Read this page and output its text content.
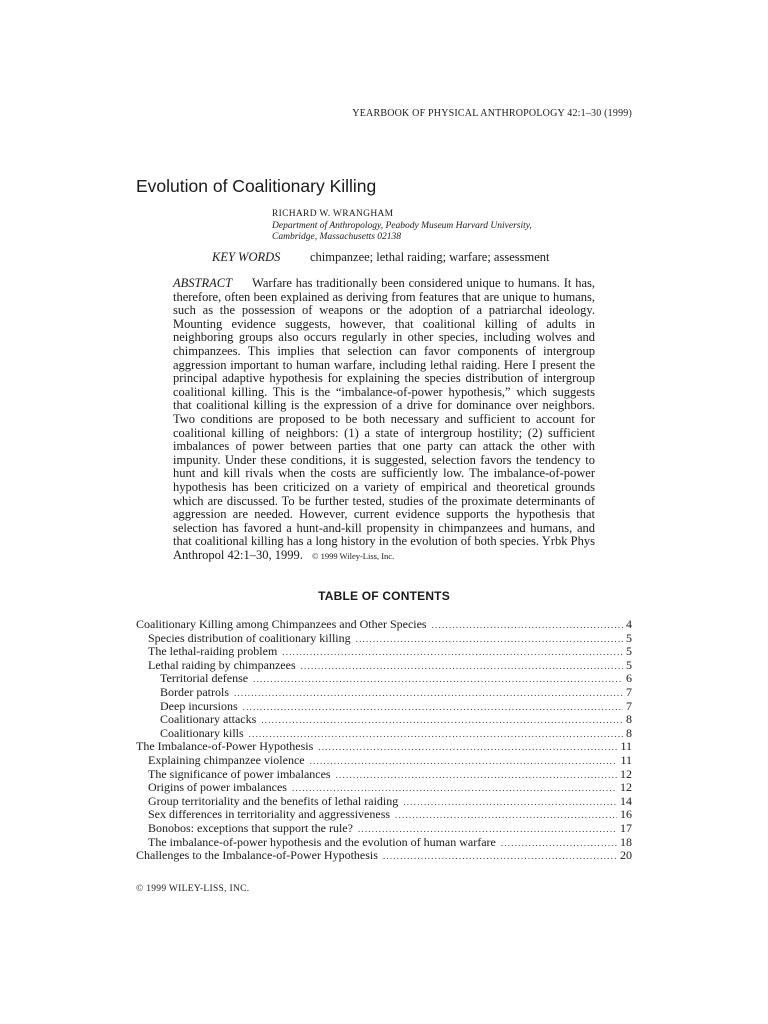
YEARBOOK OF PHYSICAL ANTHROPOLOGY 42:1–30 (1999)
Evolution of Coalitionary Killing
RICHARD W. WRANGHAM
Department of Anthropology, Peabody Museum Harvard University,
Cambridge, Massachusetts 02138
KEY WORDS chimpanzee; lethal raiding; warfare; assessment
ABSTRACT Warfare has traditionally been considered unique to humans. It has, therefore, often been explained as deriving from features that are unique to humans, such as the possession of weapons or the adoption of a patriarchal ideology. Mounting evidence suggests, however, that coalitional killing of adults in neighboring groups also occurs regularly in other species, including wolves and chimpanzees. This implies that selection can favor components of intergroup aggression important to human warfare, including lethal raiding. Here I present the principal adaptive hypothesis for explaining the species distribution of intergroup coalitional killing. This is the “imbalance-of-power hypothesis,” which suggests that coalitional killing is the expression of a drive for dominance over neighbors. Two conditions are proposed to be both necessary and sufficient to account for coalitional killing of neighbors: (1) a state of intergroup hostility; (2) sufficient imbalances of power between parties that one party can attack the other with impunity. Under these conditions, it is suggested, selection favors the tendency to hunt and kill rivals when the costs are sufficiently low. The imbalance-of-power hypothesis has been criticized on a variety of empirical and theoretical grounds which are discussed. To be further tested, studies of the proximate determinants of aggression are needed. However, current evidence supports the hypothesis that selection has favored a hunt-and-kill propensity in chimpanzees and humans, and that coalitional killing has a long history in the evolution of both species. Yrbk Phys Anthropol 42:1–30, 1999. © 1999 Wiley-Liss, Inc.
TABLE OF CONTENTS
Coalitionary Killing among Chimpanzees and Other Species .....	4
Species distribution of coalitionary killing .....	5
The lethal-raiding problem .....	5
Lethal raiding by chimpanzees .....	5
Territorial defense .....	6
Border patrols .....	7
Deep incursions .....	7
Coalitionary attacks .....	8
Coalitionary kills .....	8
The Imbalance-of-Power Hypothesis .....	11
Explaining chimpanzee violence .....	11
The significance of power imbalances .....	12
Origins of power imbalances .....	12
Group territoriality and the benefits of lethal raiding .....	14
Sex differences in territoriality and aggressiveness .....	16
Bonobos: exceptions that support the rule? .....	17
The imbalance-of-power hypothesis and the evolution of human warfare .....	18
Challenges to the Imbalance-of-Power Hypothesis .....	20
© 1999 WILEY-LISS, INC.
